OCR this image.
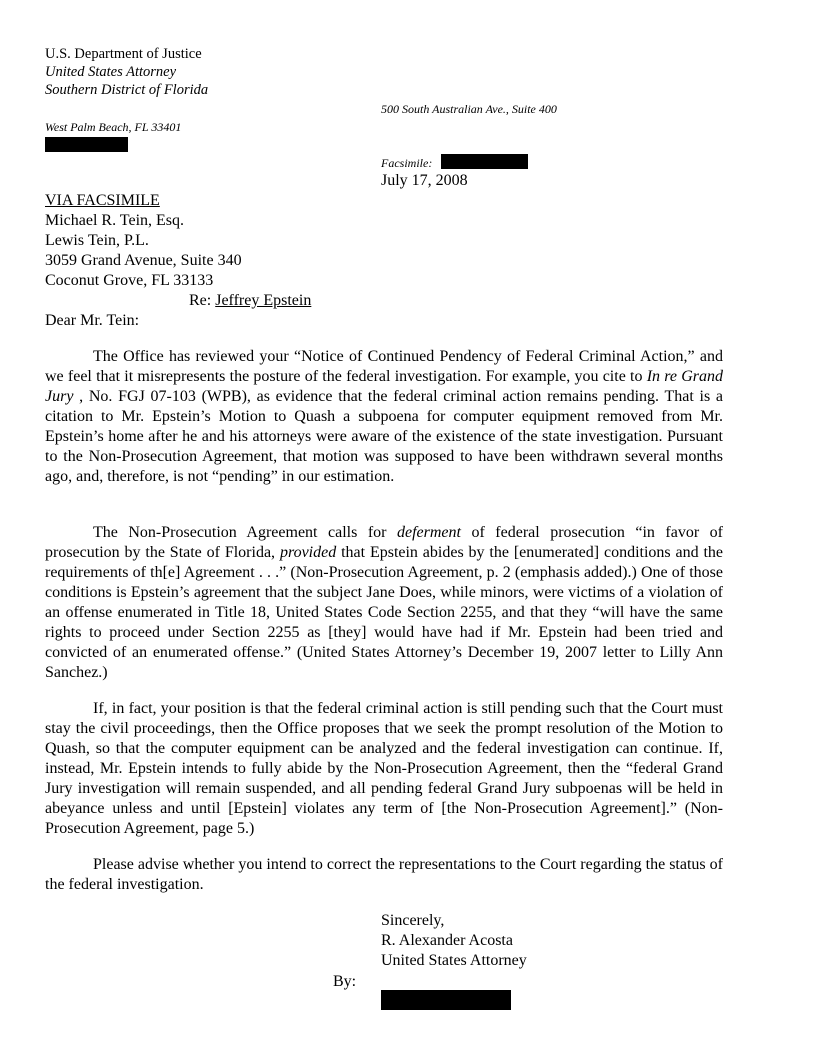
U.S. Department of Justice
United States Attorney
Southern District of Florida
500 South Australian Ave., Suite 400
West Palm Beach, FL 33401
Facsimile:
July 17, 2008
VIA FACSIMILE
Michael R. Tein, Esq.
Lewis Tein, P.L.
3059 Grand Avenue, Suite 340
Coconut Grove, FL 33133
Re: Jeffrey Epstein
Dear Mr. Tein:
The Office has reviewed your “Notice of Continued Pendency of Federal Criminal Action,” and we feel that it misrepresents the posture of the federal investigation. For example, you cite to In re Grand Jury , No. FGJ 07-103 (WPB), as evidence that the federal criminal action remains pending. That is a citation to Mr. Epstein’s Motion to Quash a subpoena for computer equipment removed from Mr. Epstein’s home after he and his attorneys were aware of the existence of the state investigation. Pursuant to the Non-Prosecution Agreement, that motion was supposed to have been withdrawn several months ago, and, therefore, is not “pending” in our estimation.
The Non-Prosecution Agreement calls for deferment of federal prosecution “in favor of prosecution by the State of Florida, provided that Epstein abides by the [enumerated] conditions and the requirements of th[e] Agreement . . .” (Non-Prosecution Agreement, p. 2 (emphasis added).) One of those conditions is Epstein’s agreement that the subject Jane Does, while minors, were victims of a violation of an offense enumerated in Title 18, United States Code Section 2255, and that they “will have the same rights to proceed under Section 2255 as [they] would have had if Mr. Epstein had been tried and convicted of an enumerated offense.” (United States Attorney’s December 19, 2007 letter to Lilly Ann Sanchez.)
If, in fact, your position is that the federal criminal action is still pending such that the Court must stay the civil proceedings, then the Office proposes that we seek the prompt resolution of the Motion to Quash, so that the computer equipment can be analyzed and the federal investigation can continue. If, instead, Mr. Epstein intends to fully abide by the Non-Prosecution Agreement, then the “federal Grand Jury investigation will remain suspended, and all pending federal Grand Jury subpoenas will be held in abeyance unless and until [Epstein] violates any term of [the Non-Prosecution Agreement].” (Non-Prosecution Agreement, page 5.)
Please advise whether you intend to correct the representations to the Court regarding the status of the federal investigation.
Sincerely,
R. Alexander Acosta
United States Attorney
By:
